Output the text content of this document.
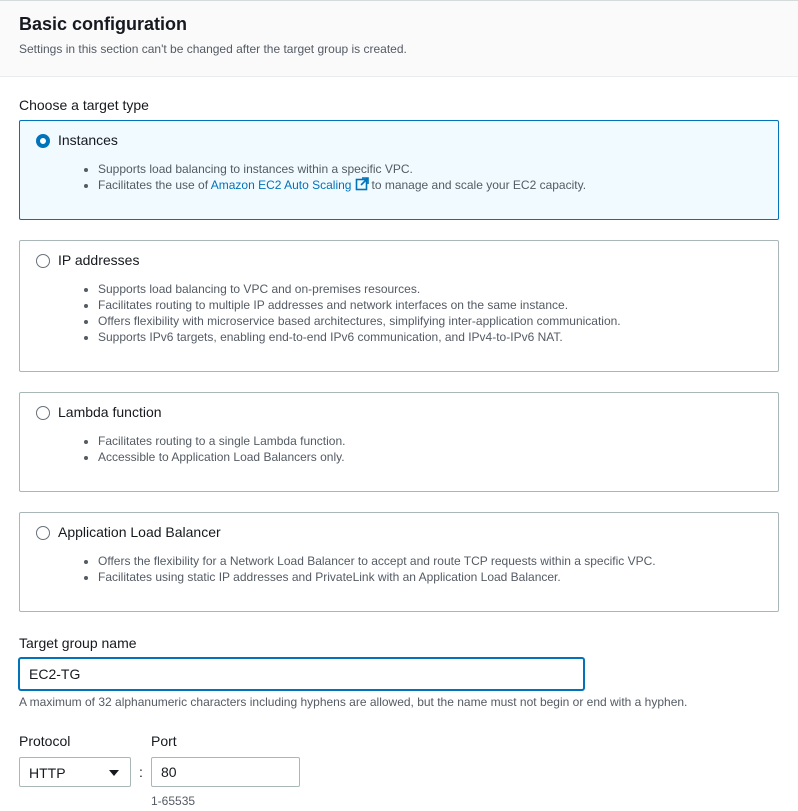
Basic configuration
Settings in this section can't be changed after the target group is created.
Choose a target type
Instances
• Supports load balancing to instances within a specific VPC.
• Facilitates the use of Amazon EC2 Auto Scaling to manage and scale your EC2 capacity.
IP addresses
• Supports load balancing to VPC and on-premises resources.
• Facilitates routing to multiple IP addresses and network interfaces on the same instance.
• Offers flexibility with microservice based architectures, simplifying inter-application communication.
• Supports IPv6 targets, enabling end-to-end IPv6 communication, and IPv4-to-IPv6 NAT.
Lambda function
• Facilitates routing to a single Lambda function.
• Accessible to Application Load Balancers only.
Application Load Balancer
• Offers the flexibility for a Network Load Balancer to accept and route TCP requests within a specific VPC.
• Facilitates using static IP addresses and PrivateLink with an Application Load Balancer.
Target group name
EC2-TG
A maximum of 32 alphanumeric characters including hyphens are allowed, but the name must not begin or end with a hyphen.
Protocol
HTTP	:
Port
80
1-65535
